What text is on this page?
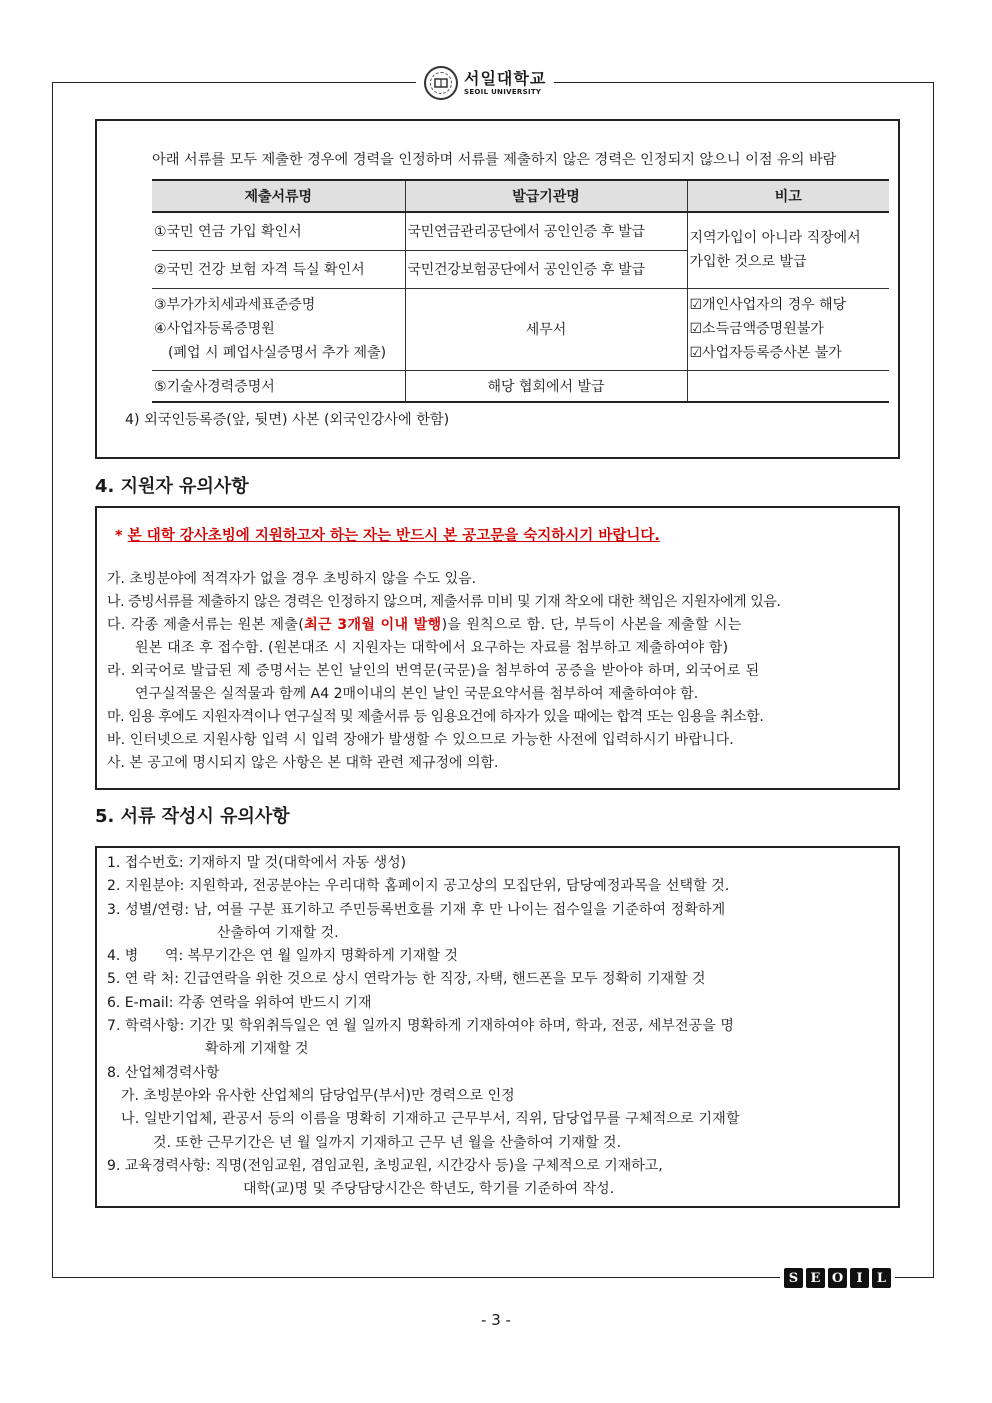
서일대학교
SEOIL UNIVERSITY
아래 서류를 모두 제출한 경우에 경력을 인정하며 서류를 제출하지 않은 경력은 인정되지 않으니 이점 유의 바람
제출서류명	발급기관명	비고
①국민 연금 가입 확인서	국민연금관리공단에서 공인인증 후 발급	지역가입이 아니라 직장에서
가입한 것으로 발급

②국민 건강 보험 자격 득실 확인서	국민건강보험공단에서 공인인증 후 발급	

③부가가치세과세표준증명
④사업자등록증명원
(폐업 시 폐업사실증명서 추가 제출)	세무서	☑개인사업자의 경우 해당
☑소득금액증명원불가
☑사업자등록증사본 불가

⑤기술사경력증명서	해당 협회에서 발급	
4) 외국인등록증(앞, 뒷면) 사본 (외국인강사에 한함)
4. 지원자 유의사항
* 본 대학 강사초빙에 지원하고자 하는 자는 반드시 본 공고문을 숙지하시기 바랍니다.
가. 초빙분야에 적격자가 없을 경우 초빙하지 않을 수도 있음.
나. 증빙서류를 제출하지 않은 경력은 인정하지 않으며, 제출서류 미비 및 기재 착오에 대한 책임은 지원자에게 있음.
다. 각종 제출서류는 원본 제출(최근 3개월 이내 발행)을 원칙으로 함. 단, 부득이 사본을 제출할 시는
원본 대조 후 접수함. (원본대조 시 지원자는 대학에서 요구하는 자료를 첨부하고 제출하여야 함)
라. 외국어로 발급된 제 증명서는 본인 날인의 번역문(국문)을 첨부하여 공증을 받아야 하며, 외국어로 된
연구실적물은 실적물과 함께 A4 2매이내의 본인 날인 국문요약서를 첨부하여 제출하여야 함.
마. 임용 후에도 지원자격이나 연구실적 및 제출서류 등 임용요건에 하자가 있을 때에는 합격 또는 임용을 취소함.
바. 인터넷으로 지원사항 입력 시 입력 장애가 발생할 수 있으므로 가능한 사전에 입력하시기 바랍니다.
사. 본 공고에 명시되지 않은 사항은 본 대학 관련 제규정에 의함.
5. 서류 작성시 유의사항
1. 접수번호: 기재하지 말 것(대학에서 자동 생성)
2. 지원분야: 지원학과, 전공분야는 우리대학 홈페이지 공고상의 모집단위, 담당예정과목을 선택할 것.
3. 성별/연령: 남, 여를 구분 표기하고 주민등록번호를 기재 후 만 나이는 접수일을 기준하여 정확하게
산출하여 기재할 것.
4. 병      역: 복무기간은 연 월 일까지 명확하게 기재할 것
5. 연 락 처: 긴급연락을 위한 것으로 상시 연락가능 한 직장, 자택, 핸드폰을 모두 정확히 기재할 것
6. E-mail: 각종 연락을 위하여 반드시 기재
7. 학력사항: 기간 및 학위취득일은 연 월 일까지 명확하게 기재하여야 하며, 학과, 전공, 세부전공을 명
확하게 기재할 것
8. 산업체경력사항
가. 초빙분야와 유사한 산업체의 담당업무(부서)만 경력으로 인정
나. 일반기업체, 관공서 등의 이름을 명확히 기재하고 근무부서, 직위, 담당업무를 구체적으로 기재할
것. 또한 근무기간은 년 월 일까지 기재하고 근무 년 월을 산출하여 기재할 것.
9. 교육경력사항: 직명(전임교원, 겸임교원, 초빙교원, 시간강사 등)을 구체적으로 기재하고,
대학(교)명 및 주당담당시간은 학년도, 학기를 기준하여 작성.
S E O	I	L
- 3 -
